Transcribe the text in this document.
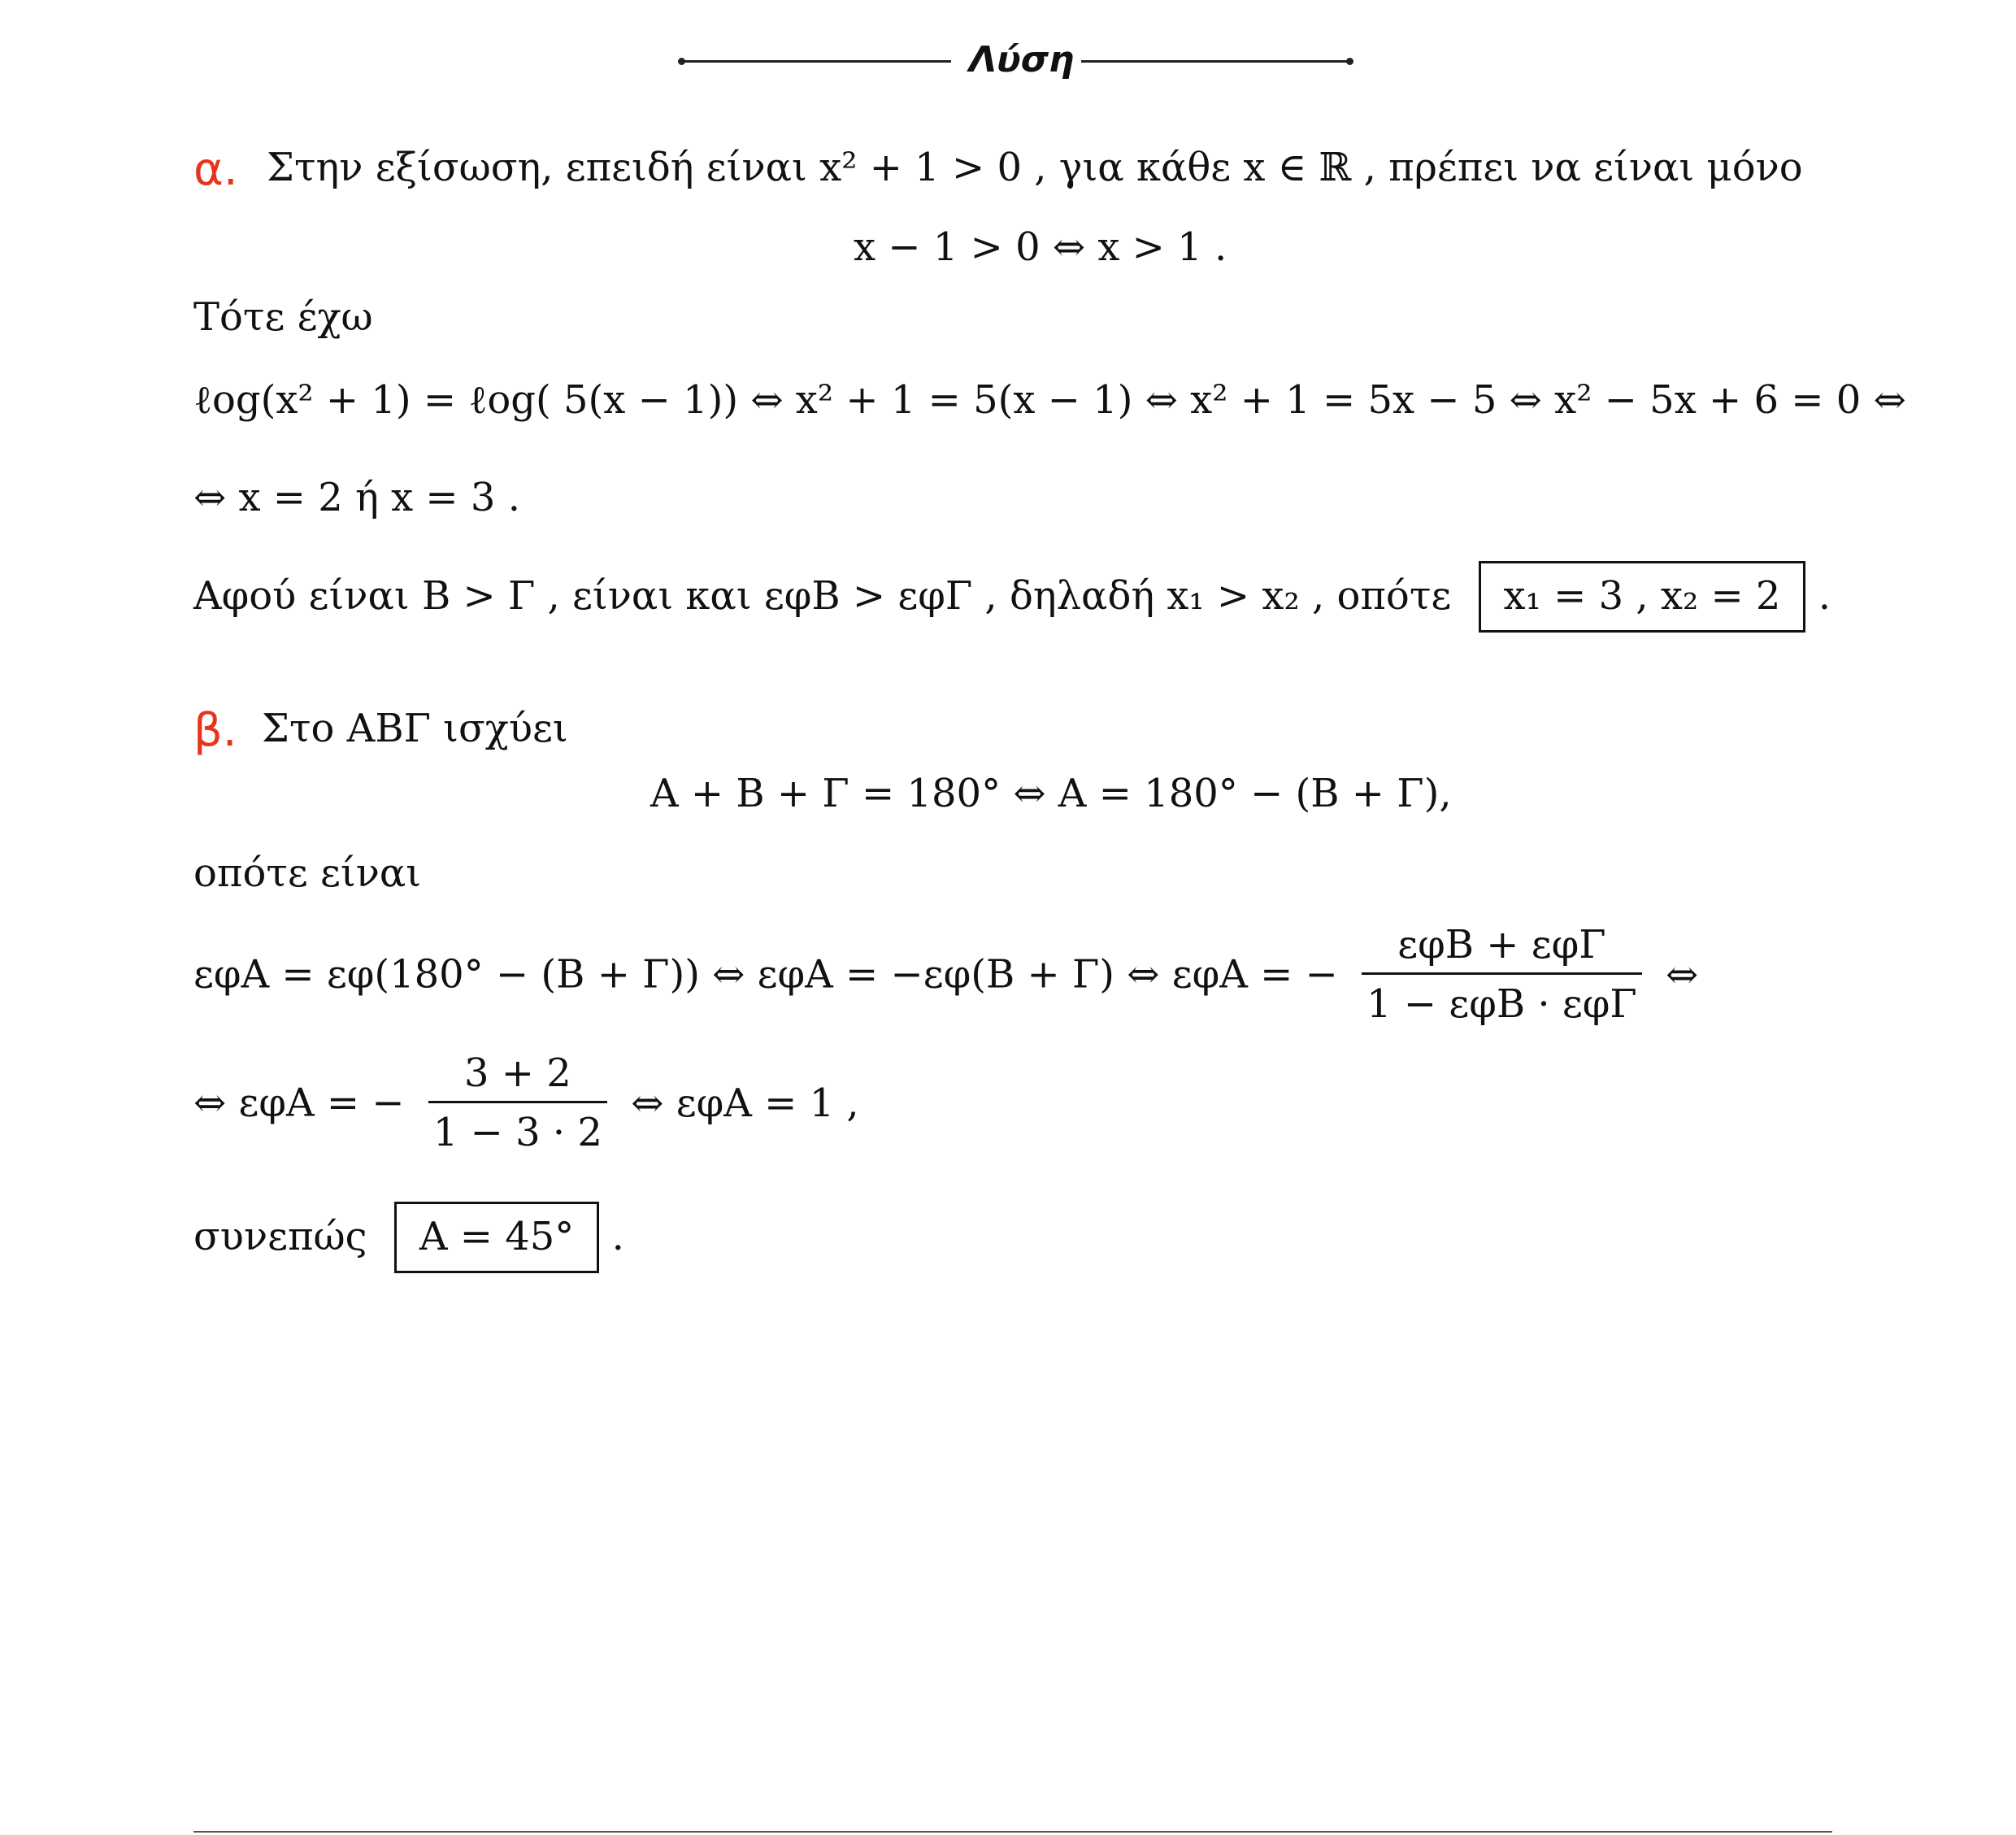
Λύση
α. Στην εξίσωση, επειδή είναι x² + 1 > 0 , για κάθε x ∈ ℝ , πρέπει να είναι μόνο
x − 1 > 0 ⇔ x > 1 .
Τότε έχω
ℓog(x² + 1) = ℓog( 5(x − 1)) ⇔ x² + 1 = 5(x − 1) ⇔ x² + 1 = 5x − 5 ⇔ x² − 5x + 6 = 0 ⇔
⇔ x = 2 ή x = 3 .
Αφού είναι B > Γ , είναι και εφB > εφΓ , δηλαδή x₁ > x₂ , οπότε x₁ = 3 , x₂ = 2 .
β. Στο ΑΒΓ ισχύει
A + B + Γ = 180° ⇔ A = 180° − (B + Γ),
οπότε είναι
εφA = εφ(180° − (B + Γ)) ⇔ εφA = −εφ(B + Γ) ⇔ εφA = − $\frac{\text{εφB + εφΓ}}{\text{1 − εφB · εφΓ}}$ ⇔
⇔ εφA = − $\frac{3 + 2}{1 - 3 \cdot 2}$ ⇔ εφA = 1 ,
συνεπώς A = 45° .
